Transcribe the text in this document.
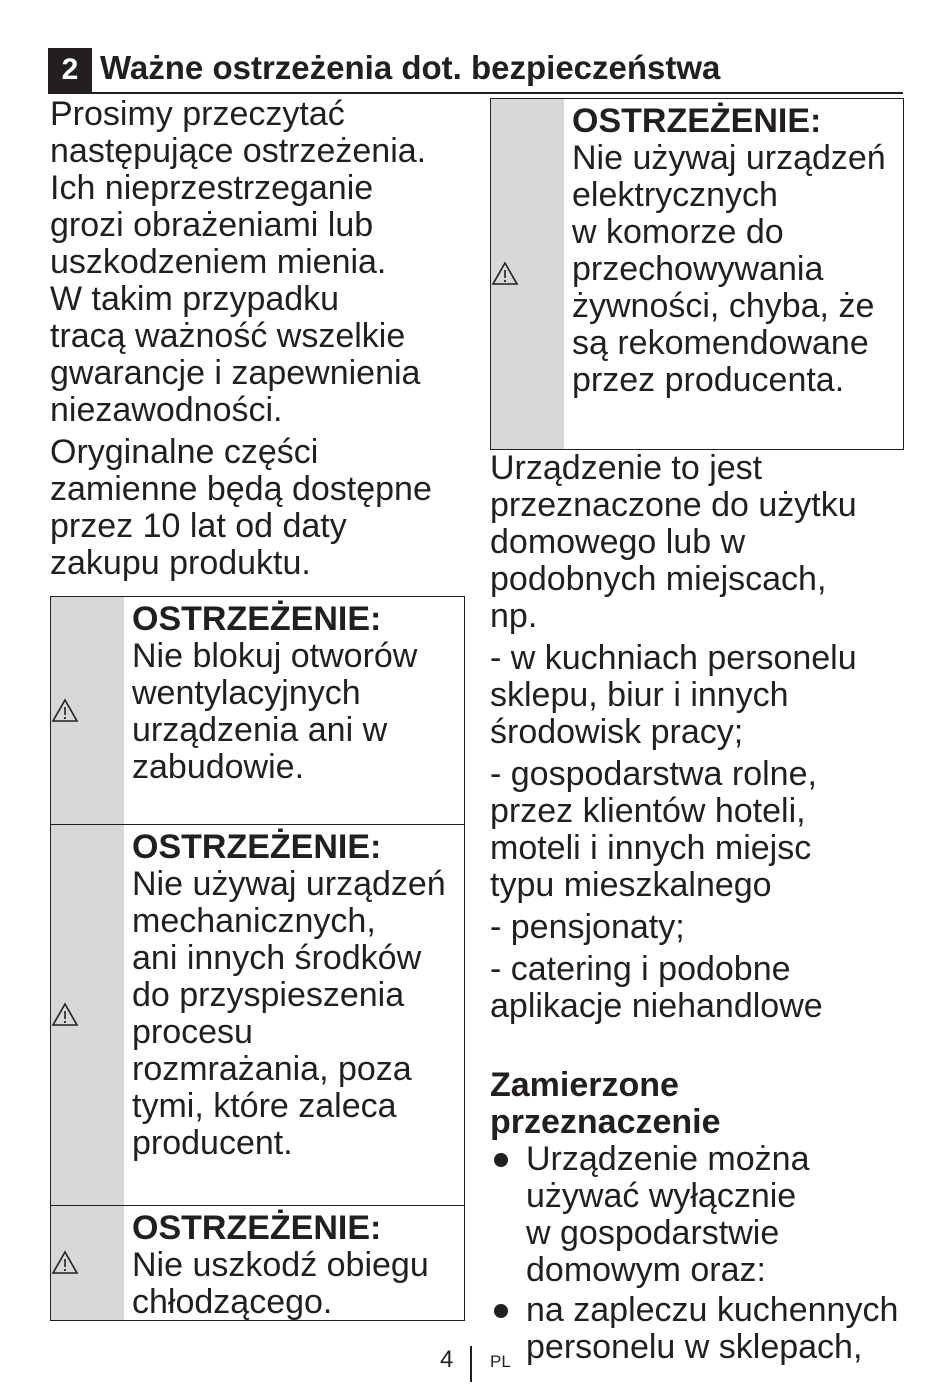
2 Ważne ostrzeżenia dot. bezpieczeństwa

Prosimy przeczytać
następujące ostrzeżenia.
Ich nieprzestrzeganie
grozi obrażeniami lub
uszkodzeniem mienia.
W takim przypadku
tracą ważność wszelkie
gwarancje i zapewnienia
niezawodności.

Oryginalne części
zamienne będą dostępne
przez 10 lat od daty
zakupu produktu.

OSTRZEŻENIE:

Nie blokuj otworów
wentylacyjnych
urządzenia ani w
zabudowie.

OSTRZEŻENIE:

Nie używaj urządzeń
mechanicznych,
ani innych środków
do przyspieszenia
procesu
rozmrażania, poza
tymi, które zaleca
producent.

OSTRZEŻENIE:

Nie uszkodź obiegu
chłodzącego.

OSTRZEŻENIE:

Nie używaj urządzeń
elektrycznych
w komorze do
przechowywania
żywności, chyba, że
są rekomendowane
przez producenta.

Urządzenie to jest
przeznaczone do użytku
domowego lub w
podobnych miejscach,
np.

- w kuchniach personelu
sklepu, biur i innych
środowisk pracy;

- gospodarstwa rolne,
przez klientów hoteli,
moteli i innych miejsc
typu mieszkalnego

- pensjonaty;

- catering i podobne
aplikacje niehandlowe

Zamierzone
przeznaczenie

Urządzenie można
używać wyłącznie
w gospodarstwie
domowym oraz:
na zapleczu kuchennych
personelu w sklepach,
4 PL
